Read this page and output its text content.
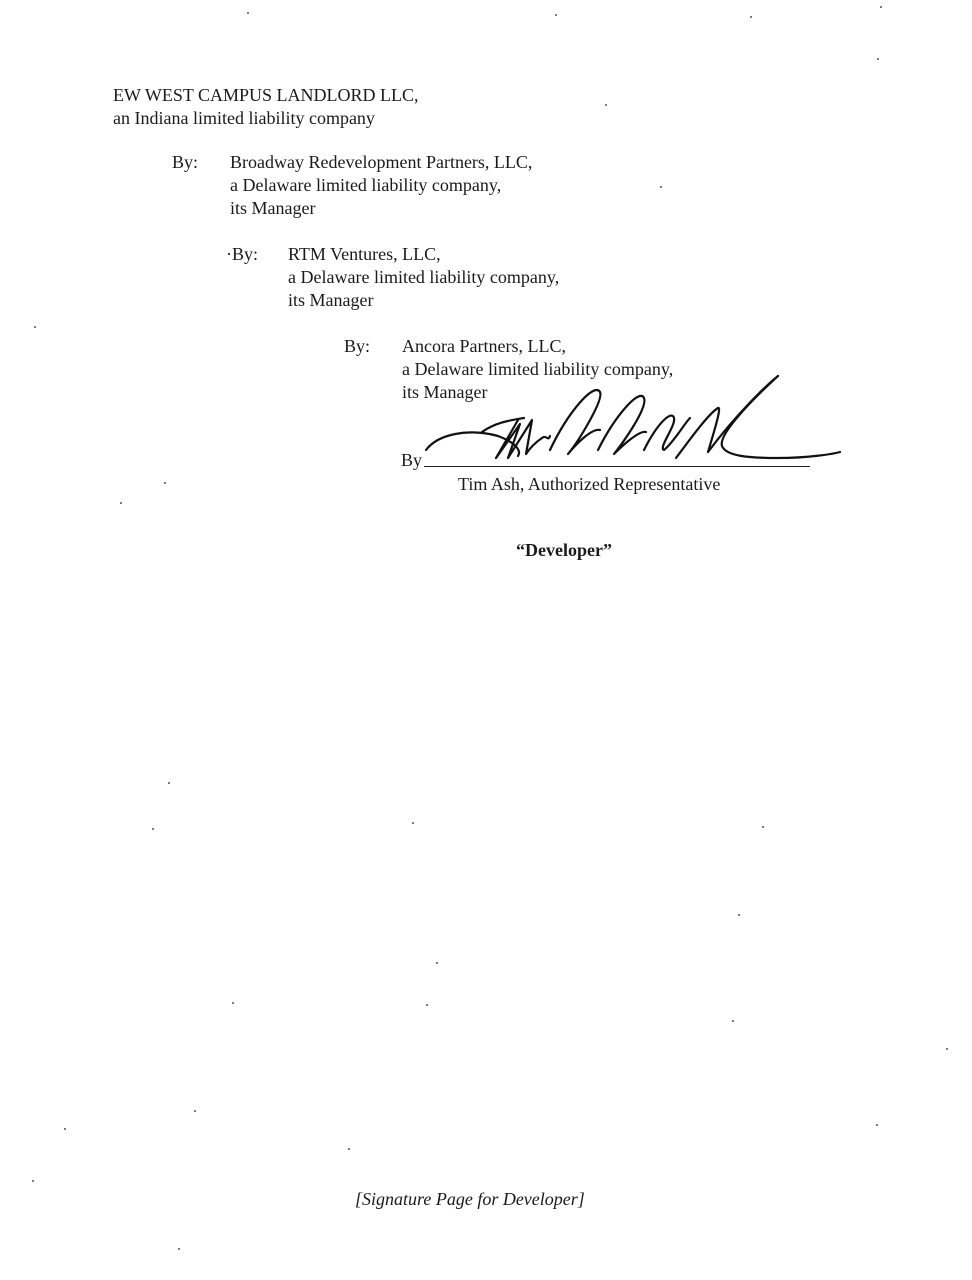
EW WEST CAMPUS LANDLORD LLC,
an Indiana limited liability company
By: Broadway Redevelopment Partners, LLC,
a Delaware limited liability company,
its Manager
·By: RTM Ventures, LLC,
a Delaware limited liability company,
its Manager
By: Ancora Partners, LLC,
a Delaware limited liability company,
its Manager
By
Tim Ash, Authorized Representative
“Developer”
[Signature Page for Developer]
